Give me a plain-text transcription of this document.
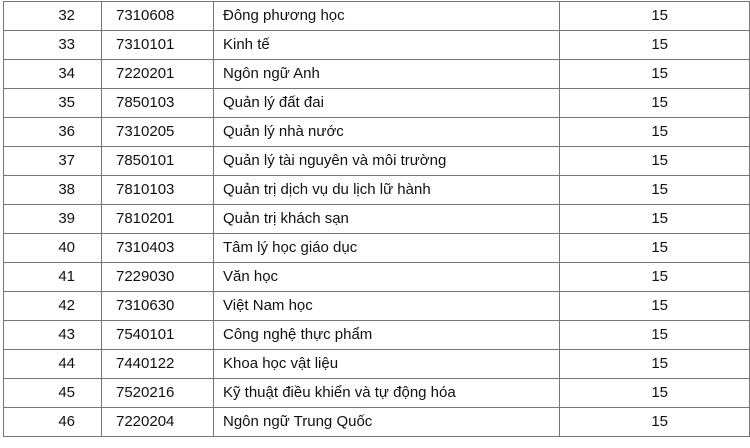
32	7310608	Đông phương học	15
33	7310101	Kinh tế	15
34	7220201	Ngôn ngữ Anh	15
35	7850103	Quản lý đất đai	15
36	7310205	Quản lý nhà nước	15
37	7850101	Quản lý tài nguyên và môi trường	15
38	7810103	Quản trị dịch vụ du lịch lữ hành	15
39	7810201	Quản trị khách sạn	15
40	7310403	Tâm lý học giáo dục	15
41	7229030	Văn học	15
42	7310630	Việt Nam học	15
43	7540101	Công nghệ thực phẩm	15
44	7440122	Khoa học vật liệu	15
45	7520216	Kỹ thuật điều khiển và tự động hóa	15
46	7220204	Ngôn ngữ Trung Quốc	15
